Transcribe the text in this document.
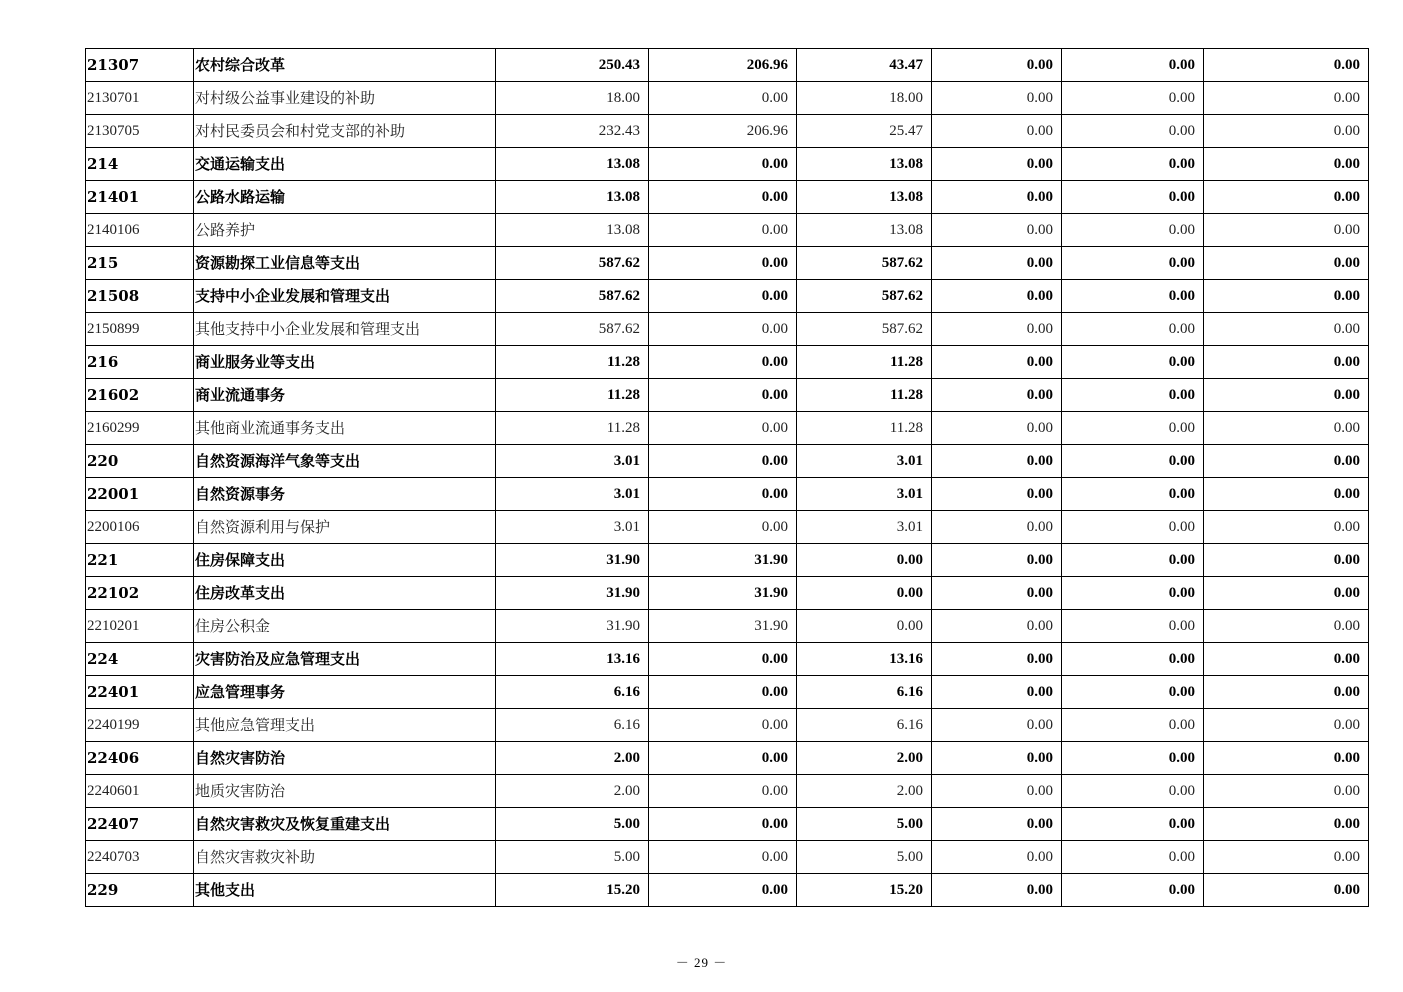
21307	农村综合改革	250.43	206.96	43.47	0.00	0.00	0.00
2130701	对村级公益事业建设的补助	18.00	0.00	18.00	0.00	0.00	0.00
2130705	对村民委员会和村党支部的补助	232.43	206.96	25.47	0.00	0.00	0.00
214	交通运输支出	13.08	0.00	13.08	0.00	0.00	0.00
21401	公路水路运输	13.08	0.00	13.08	0.00	0.00	0.00
2140106	公路养护	13.08	0.00	13.08	0.00	0.00	0.00
215	资源勘探工业信息等支出	587.62	0.00	587.62	0.00	0.00	0.00
21508	支持中小企业发展和管理支出	587.62	0.00	587.62	0.00	0.00	0.00
2150899	其他支持中小企业发展和管理支出	587.62	0.00	587.62	0.00	0.00	0.00
216	商业服务业等支出	11.28	0.00	11.28	0.00	0.00	0.00
21602	商业流通事务	11.28	0.00	11.28	0.00	0.00	0.00
2160299	其他商业流通事务支出	11.28	0.00	11.28	0.00	0.00	0.00
220	自然资源海洋气象等支出	3.01	0.00	3.01	0.00	0.00	0.00
22001	自然资源事务	3.01	0.00	3.01	0.00	0.00	0.00
2200106	自然资源利用与保护	3.01	0.00	3.01	0.00	0.00	0.00
221	住房保障支出	31.90	31.90	0.00	0.00	0.00	0.00
22102	住房改革支出	31.90	31.90	0.00	0.00	0.00	0.00
2210201	住房公积金	31.90	31.90	0.00	0.00	0.00	0.00
224	灾害防治及应急管理支出	13.16	0.00	13.16	0.00	0.00	0.00
22401	应急管理事务	6.16	0.00	6.16	0.00	0.00	0.00
2240199	其他应急管理支出	6.16	0.00	6.16	0.00	0.00	0.00
22406	自然灾害防治	2.00	0.00	2.00	0.00	0.00	0.00
2240601	地质灾害防治	2.00	0.00	2.00	0.00	0.00	0.00
22407	自然灾害救灾及恢复重建支出	5.00	0.00	5.00	0.00	0.00	0.00
2240703	自然灾害救灾补助	5.00	0.00	5.00	0.00	0.00	0.00
229	其他支出	15.20	0.00	15.20	0.00	0.00	0.00
－ 29 －
